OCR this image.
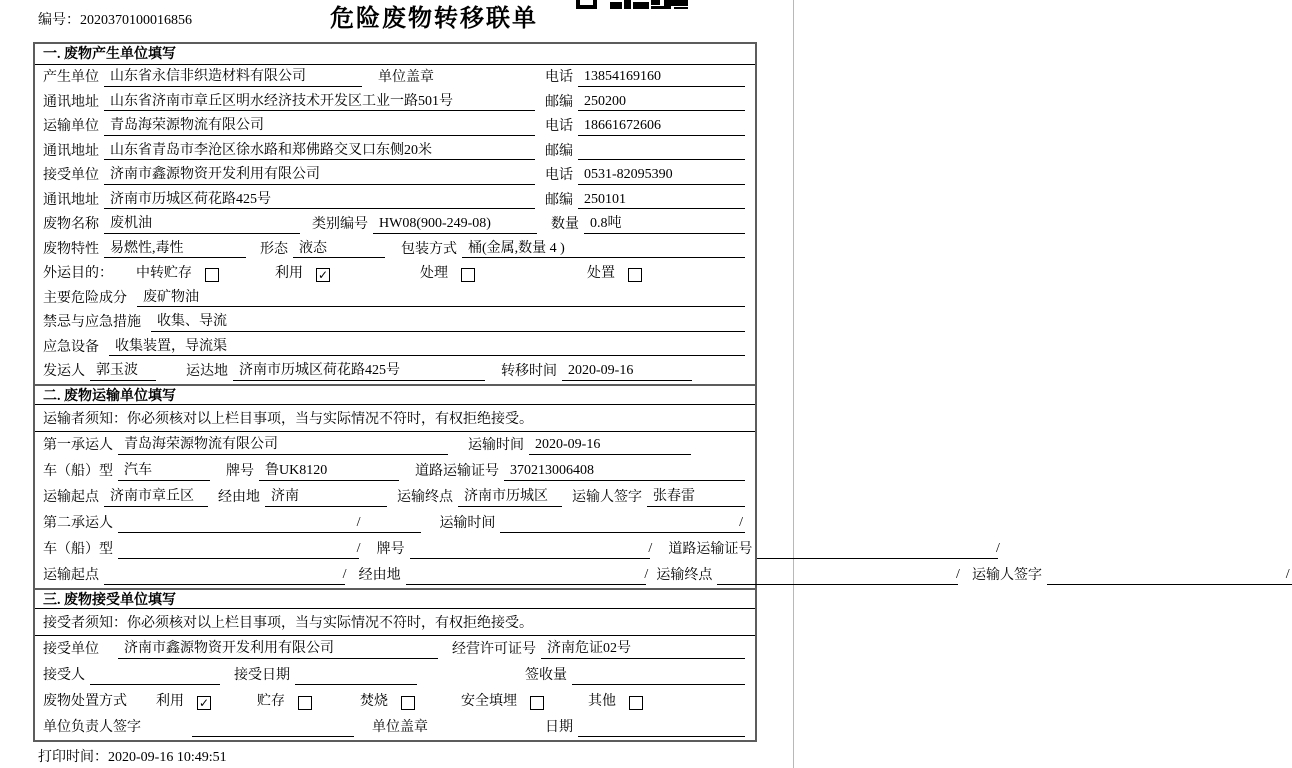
编号：2020370100016856	危险废物转移联单
一. 废物产生单位填写
产生单位 山东省永信非织造材料有限公司	单位盖章	电话 13854169160
通讯地址 山东省济南市章丘区明水经济技术开发区工业一路501号	邮编 250200
运输单位 青岛海荣源物流有限公司	电话 18661672606
通讯地址 山东省青岛市李沧区徐水路和郑佛路交叉口东侧20米	邮编
接受单位 济南市鑫源物资开发利用有限公司	电话 0531-82095390
通讯地址 济南市历城区荷花路425号	邮编 250101
废物名称 废机油	类别编号 HW08(900-249-08)	数量 0.8吨
废物特性 易燃性,毒性	形态 液态	包装方式 桶(金属,数量 4 )
外运目的： 中转贮存	利用 ✓	处理	处置
主要危险成分	废矿物油
禁忌与应急措施	收集、导流
应急设备	收集装置，导流渠
发运人 郭玉波	运达地 济南市历城区荷花路425号	转移时间 2020-09-16
二. 废物运输单位填写
运输者须知：你必须核对以上栏目事项，当与实际情况不符时，有权拒绝接受。
第一承运人 青岛海荣源物流有限公司	运输时间 2020-09-16
车（船）型 汽车	牌号 鲁UK8120	道路运输证号 370213006408
运输起点 济南市章丘区	经由地 济南	运输终点 济南市历城区	运输人签字 张春雷
第二承运人	/	运输时间	/
车（船）型	/ 牌号	/ 道路运输证号	/
运输起点	/ 经由地	/ 运输终点	/ 运输人签字	/
三. 废物接受单位填写
接受者须知：你必须核对以上栏目事项，当与实际情况不符时，有权拒绝接受。
接受单位	济南市鑫源物资开发利用有限公司	经营许可证号 济南危证02号
接受人	接受日期	签收量
废物处置方式 利用 ✓	贮存	焚烧	安全填埋	其他
单位负责人签字	单位盖章	日期
打印时间：2020-09-16 10:49:51
